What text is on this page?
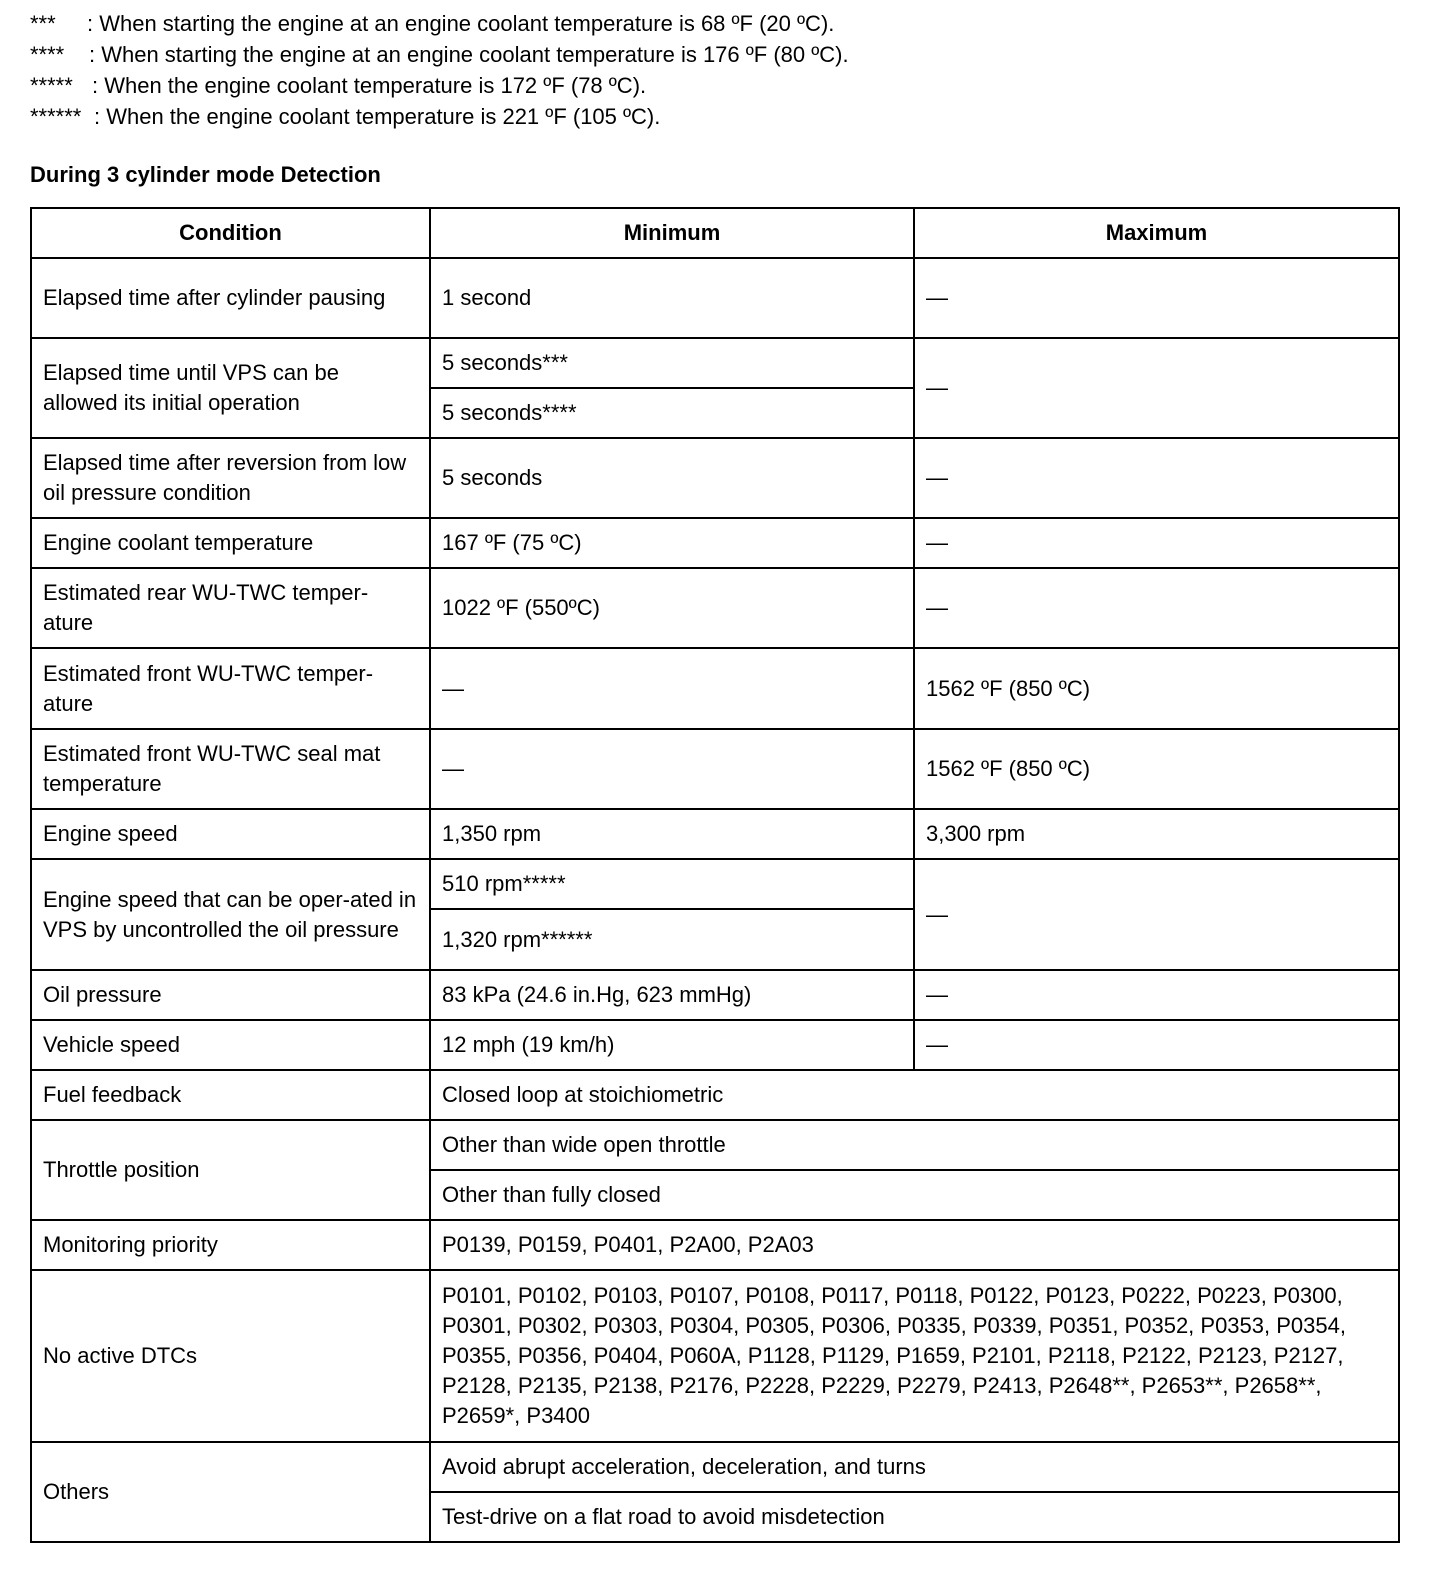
*** : When starting the engine at an engine coolant temperature is 68 ºF (20 ºC).
**** : When starting the engine at an engine coolant temperature is 176 ºF (80 ºC).
***** : When the engine coolant temperature is 172 ºF (78 ºC).
****** : When the engine coolant temperature is 221 ºF (105 ºC).
During 3 cylinder mode Detection
Condition	Minimum	Maximum
Elapsed time after cylinder pausing	1 second	—
Elapsed time until VPS can be allowed its initial operation	5 seconds***	—
	5 seconds****	
Elapsed time after reversion from low oil pressure condition	5 seconds	—
Engine coolant temperature	167 ºF (75 ºC)	—
Estimated rear WU-TWC temper-ature	1022 ºF (550ºC)	—
Estimated front WU-TWC temper-ature	—	1562 ºF (850 ºC)
Estimated front WU-TWC seal mat temperature	—	1562 ºF (850 ºC)
Engine speed	1,350 rpm	3,300 rpm
Engine speed that can be oper-ated in VPS by uncontrolled the oil pressure	510 rpm*****	—
	1,320 rpm******	
Oil pressure	83 kPa (24.6 in.Hg, 623 mmHg)	—
Vehicle speed	12 mph (19 km/h)	—
Fuel feedback	Closed loop at stoichiometric	
Throttle position	Other than wide open throttle	
	Other than fully closed	
Monitoring priority	P0139, P0159, P0401, P2A00, P2A03	
No active DTCs	P0101, P0102, P0103, P0107, P0108, P0117, P0118, P0122, P0123, P0222, P0223, P0300, P0301, P0302, P0303, P0304, P0305, P0306, P0335, P0339, P0351, P0352, P0353, P0354, P0355, P0356, P0404, P060A, P1128, P1129, P1659, P2101, P2118, P2122, P2123, P2127, P2128, P2135, P2138, P2176, P2228, P2229, P2279, P2413, P2648**, P2653**, P2658**, P2659*, P3400	
Others	Avoid abrupt acceleration, deceleration, and turns	
	Test-drive on a flat road to avoid misdetection	
